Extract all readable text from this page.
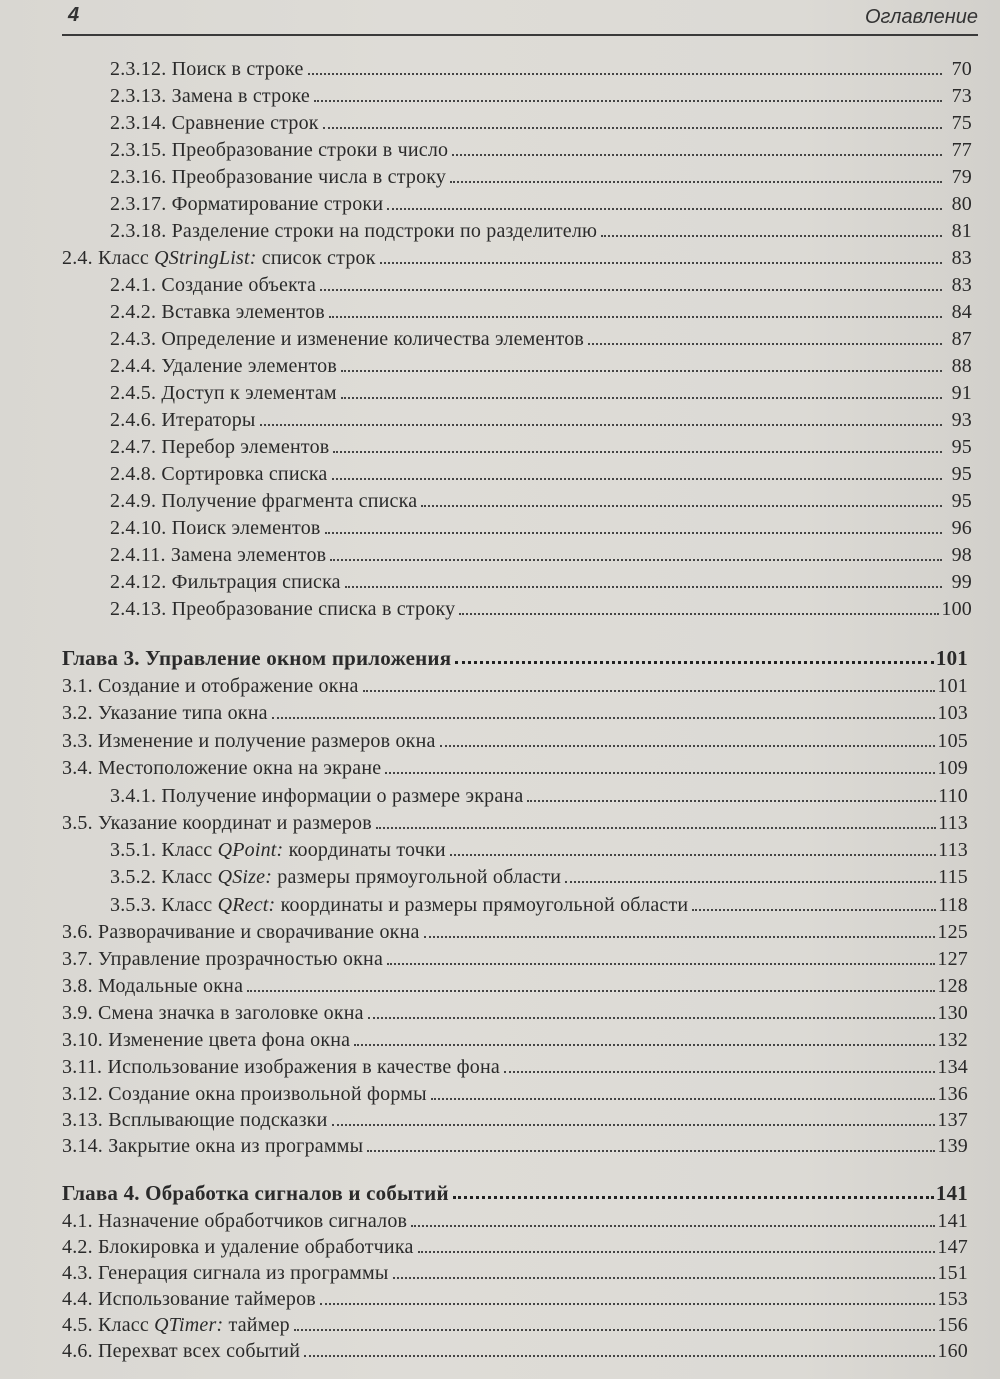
4	Оглавление
2.3.12. Поиск в строке	70
2.3.13. Замена в строке	73
2.3.14. Сравнение строк	75
2.3.15. Преобразование строки в число	77
2.3.16. Преобразование числа в строку	79
2.3.17. Форматирование строки	80
2.3.18. Разделение строки на подстроки по разделителю	81
2.4. Класс QStringList: список строк	83
2.4.1. Создание объекта	83
2.4.2. Вставка элементов	84
2.4.3. Определение и изменение количества элементов	87
2.4.4. Удаление элементов	88
2.4.5. Доступ к элементам	91
2.4.6. Итераторы	93
2.4.7. Перебор элементов	95
2.4.8. Сортировка списка	95
2.4.9. Получение фрагмента списка	95
2.4.10. Поиск элементов	96
2.4.11. Замена элементов	98
2.4.12. Фильтрация списка	99
2.4.13. Преобразование списка в строку	100
Глава 3. Управление окном приложения	101
3.1. Создание и отображение окна	101
3.2. Указание типа окна	103
3.3. Изменение и получение размеров окна	105
3.4. Местоположение окна на экране	109
3.4.1. Получение информации о размере экрана	110
3.5. Указание координат и размеров	113
3.5.1. Класс QPoint: координаты точки	113
3.5.2. Класс QSize: размеры прямоугольной области	115
3.5.3. Класс QRect: координаты и размеры прямоугольной области	118
3.6. Разворачивание и сворачивание окна	125
3.7. Управление прозрачностью окна	127
3.8. Модальные окна	128
3.9. Смена значка в заголовке окна	130
3.10. Изменение цвета фона окна	132
3.11. Использование изображения в качестве фона	134
3.12. Создание окна произвольной формы	136
3.13. Всплывающие подсказки	137
3.14. Закрытие окна из программы	139
Глава 4. Обработка сигналов и событий	141
4.1. Назначение обработчиков сигналов	141
4.2. Блокировка и удаление обработчика	147
4.3. Генерация сигнала из программы	151
4.4. Использование таймеров	153
4.5. Класс QTimer: таймер	156
4.6. Перехват всех событий	160
